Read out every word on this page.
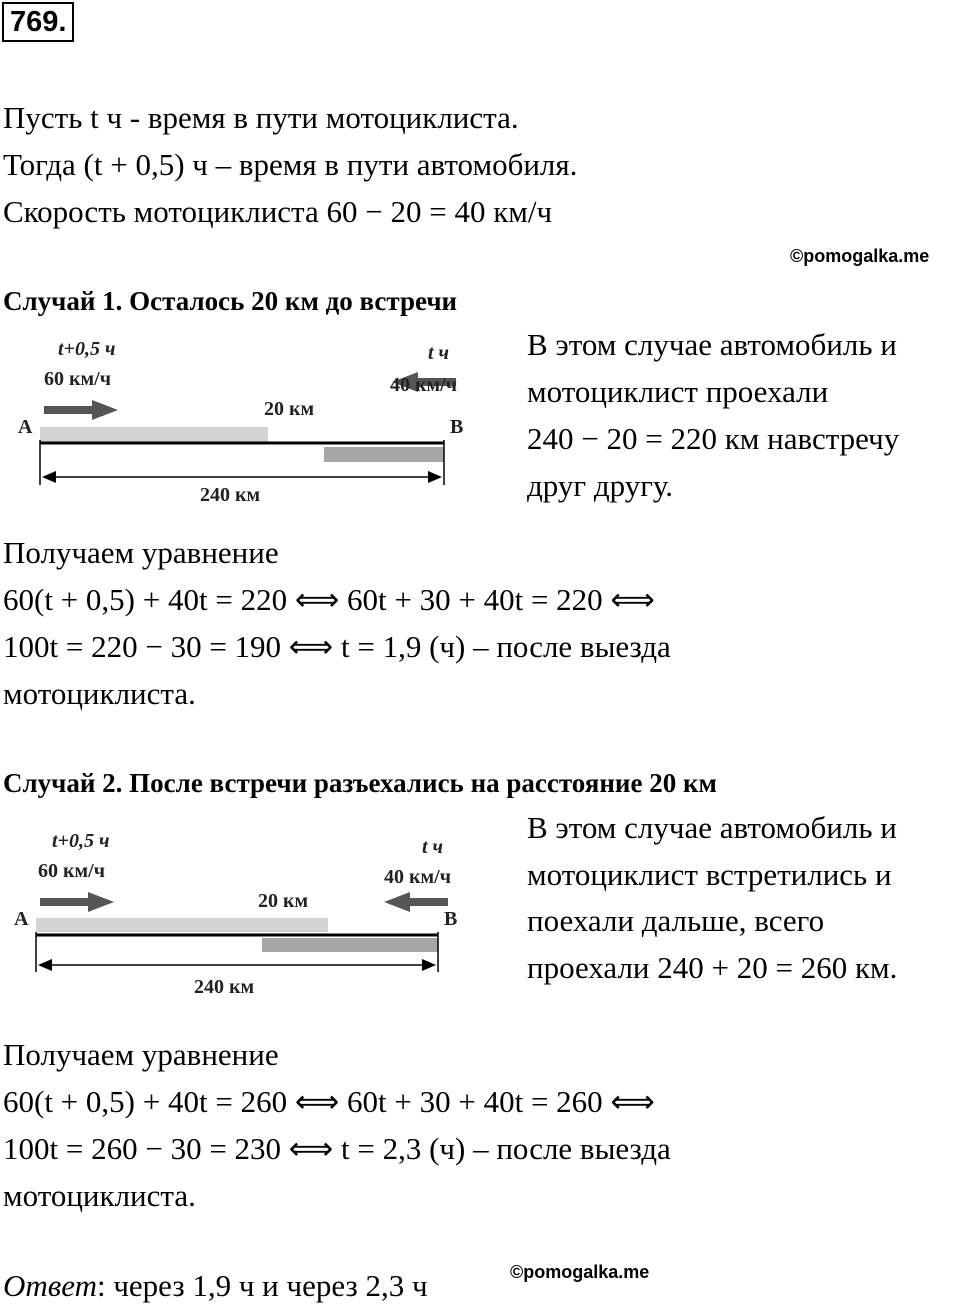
769.
Пусть t ч - время в пути мотоциклиста.
Тогда (t + 0,5) ч – время в пути автомобиля.
Скорость мотоциклиста 60 − 20 = 40 км/ч
©pomogalka.me
Случай 1. Осталось 20 км до встречи
t+0,5 ч
60 км/ч
t ч
40 км/ч
20 км
A	B
240 км
В этом случае автомобиль и
мотоциклист проехали
240 − 20 = 220 км навстречу
друг другу.
Получаем уравнение
60(t + 0,5) + 40t = 220 ⟺ 60t + 30 + 40t = 220 ⟺
100t = 220 − 30 = 190 ⟺ t = 1,9 (ч) – после выезда
мотоциклиста.
Случай 2. После встречи разъехались на расстояние 20 км
t+0,5 ч
60 км/ч
t ч
40 км/ч
20 км
A	B
240 км
В этом случае автомобиль и
мотоциклист встретились и
поехали дальше, всего
проехали 240 + 20 = 260 км.
Получаем уравнение
60(t + 0,5) + 40t = 260 ⟺ 60t + 30 + 40t = 260 ⟺
100t = 260 − 30 = 230 ⟺ t = 2,3 (ч) – после выезда
мотоциклиста.
Ответ: через 1,9 ч и через 2,3 ч	©pomogalka.me
